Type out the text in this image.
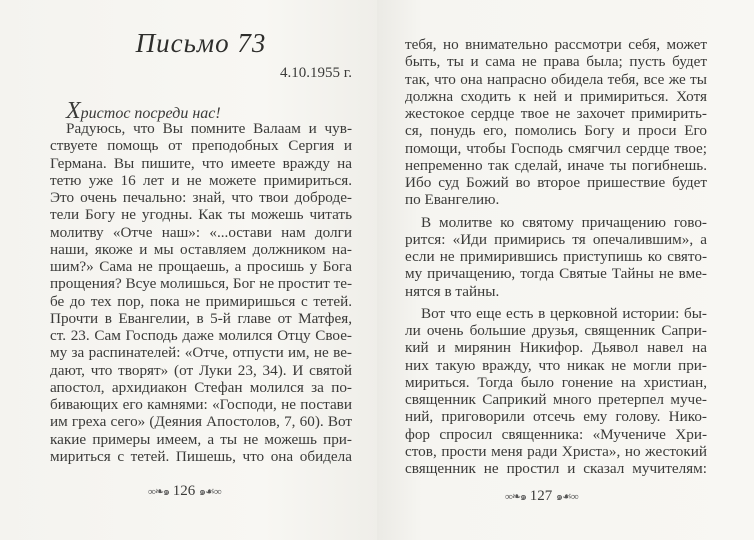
Письмо 73
4.10.1955 г.
Христос посреди нас!
Радуюсь, что Вы помните Валаам и чув-
ствуете помощь от преподобных Сергия и
Германа. Вы пишите, что имеете вражду на
тетю уже 16 лет и не можете примириться.
Это очень печально: знай, что твои доброде-
тели Богу не угодны. Как ты можешь читать
молитву «Отче наш»: «...остави нам долги
наши, якоже и мы оставляем должником на-
шим?» Сама не прощаешь, а просишь у Бога
прощения? Всуе молишься, Бог не простит те-
бе до тех пор, пока не примиришься с тетей.
Прочти в Евангелии, в 5-й главе от Матфея,
ст. 23. Сам Господь даже молился Отцу Свое-
му за распинателей: «Отче, отпусти им, не ве-
дают, что творят» (от Луки 23, 34). И святой
апостол, архидиакон Стефан молился за по-
бивающих его камнями: «Господи, не постави
им греха сего» (Деяния Апостолов, 7, 60). Вот
какие примеры имеем, а ты не можешь при-
мириться с тетей. Пишешь, что она обидела
∞❧๑ 126 ๑☙∞
тебя, но внимательно рассмотри себя, может
быть, ты и сама не права была; пусть будет
так, что она напрасно обидела тебя, все же ты
должна сходить к ней и примириться. Хотя
жестокое сердце твое не захочет примирить-
ся, понудь его, помолись Богу и проси Его
помощи, чтобы Господь смягчил сердце твое;
непременно так сделай, иначе ты погибнешь.
Ибо суд Божий во второе пришествие будет
по Евангелию.
В молитве ко святому причащению гово-
рится: «Иди примирись тя опечалившим», а
если не примирившись приступишь ко свято-
му причащению, тогда Святые Тайны не вме-
нятся в тайны.
Вот что еще есть в церковной истории: бы-
ли очень большие друзья, священник Сапри-
кий и мирянин Никифор. Дьявол навел на
них такую вражду, что никак не могли при-
мириться. Тогда было гонение на христиан,
священник Саприкий много претерпел муче-
ний, приговорили отсечь ему голову. Нико-
фор спросил священника: «Мучениче Хри-
стов, прости меня ради Христа», но жестокий
священник не простил и сказал мучителям:
∞❧๑ 127 ๑☙∞
